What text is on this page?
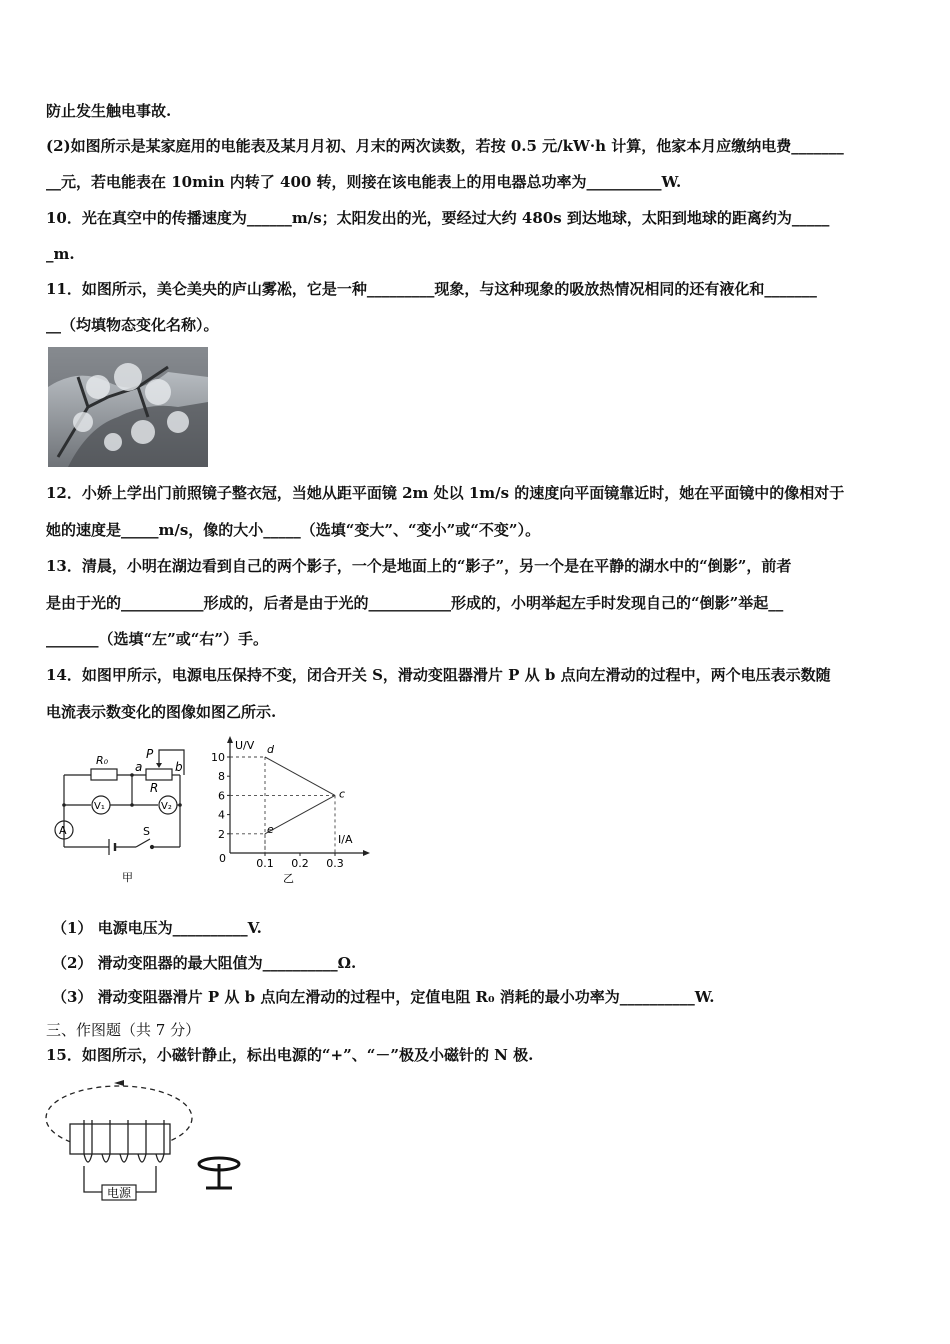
防止发生触电事故.
(2)如图所示是某家庭用的电能表及某月月初、月末的两次读数，若按 0.5 元/kW·h 计算，他家本月应缴纳电费_______
__元，若电能表在 10min 内转了 400 转，则接在该电能表上的用电器总功率为__________W.
10．光在真空中的传播速度为______m/s；太阳发出的光，要经过大约 480s 到达地球，太阳到地球的距离约为_____
_m.
11．如图所示，美仑美央的庐山雾凇，它是一种_________现象，与这种现象的吸放热情况相同的还有液化和_______
__（均填物态变化名称）。
12．小娇上学出门前照镜子整衣冠，当她从距平面镜 2m 处以 1m/s 的速度向平面镜靠近时，她在平面镜中的像相对于
她的速度是_____m/s，像的大小_____（选填“变大”、“变小”或“不变”）。
13．清晨，小明在湖边看到自己的两个影子，一个是地面上的“影子”，另一个是在平静的湖水中的“倒影”，前者
是由于光的___________形成的，后者是由于光的___________形成的，小明举起左手时发现自己的“倒影”举起__
_______（选填“左”或“右”）手。
14．如图甲所示，电源电压保持不变，闭合开关 S，滑动变阻器滑片 P 从 b 点向左滑动的过程中，两个电压表示数随
电流表示数变化的图像如图乙所示.
R₀ a
P
b
R
V₁	V₂
A	S
甲
10
8
6
4
2
0.1 0.2 0.3
d
c
e
U/V
I/A
0
乙
（1） 电源电压为__________V.
（2） 滑动变阻器的最大阻值为__________Ω.
（3） 滑动变阻器滑片 P 从 b 点向左滑动的过程中，定值电阻 R₀ 消耗的最小功率为__________W.
三、作图题（共 7 分）
15．如图所示，小磁针静止，标出电源的“+”、“－”极及小磁针的 N 极.
电源
